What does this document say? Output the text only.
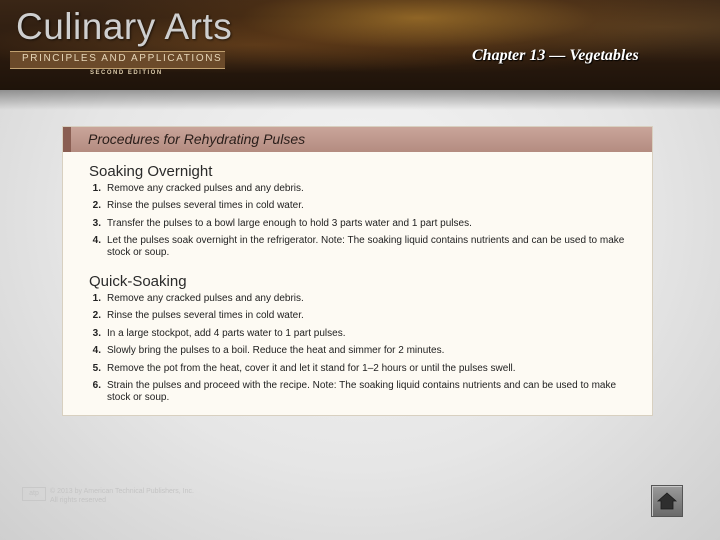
Culinary Arts
PRINCIPLES AND APPLICATIONS
SECOND EDITION
Chapter 13 — Vegetables
Procedures for Rehydrating Pulses
Soaking Overnight
1. Remove any cracked pulses and any debris.
2. Rinse the pulses several times in cold water.
3. Transfer the pulses to a bowl large enough to hold 3 parts water and 1 part pulses.
4. Let the pulses soak overnight in the refrigerator. Note: The soaking liquid contains nutrients and can be used to make stock or soup.
Quick-Soaking
1. Remove any cracked pulses and any debris.
2. Rinse the pulses several times in cold water.
3. In a large stockpot, add 4 parts water to 1 part pulses.
4. Slowly bring the pulses to a boil. Reduce the heat and simmer for 2 minutes.
5. Remove the pot from the heat, cover it and let it stand for 1–2 hours or until the pulses swell.
6. Strain the pulses and proceed with the recipe. Note: The soaking liquid contains nutrients and can be used to make stock or soup.
atp	© 2013 by American Technical Publishers, Inc.
All rights reserved
